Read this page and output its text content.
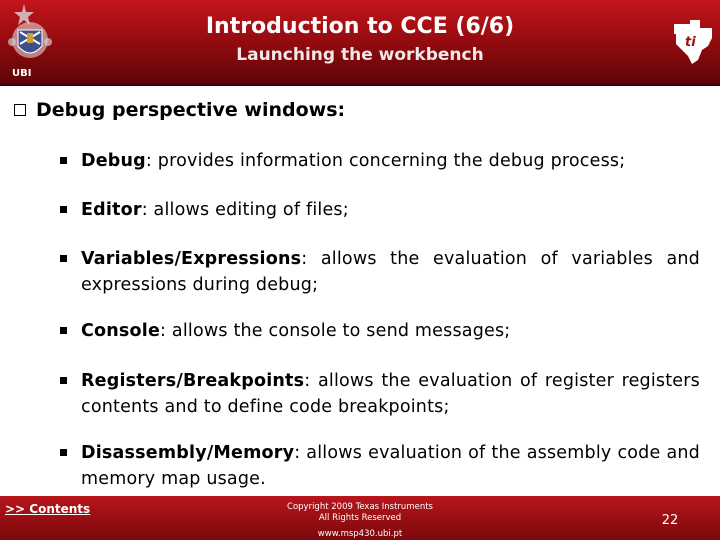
UBI
Introduction to CCE (6/6)
Launching the workbench
ti
Debug perspective windows:
Debug: provides information concerning the debug process;
Editor: allows editing of files;
Variables/Expressions: allows the evaluation of variables and expressions during debug;
Console: allows the console to send messages;
Registers/Breakpoints: allows the evaluation of register registers contents and to define code breakpoints;
Disassembly/Memory: allows evaluation of the assembly code and memory map usage.
>> Contents	Copyright 2009 Texas Instruments
All Rights Reserved
www.msp430.ubi.pt
22
